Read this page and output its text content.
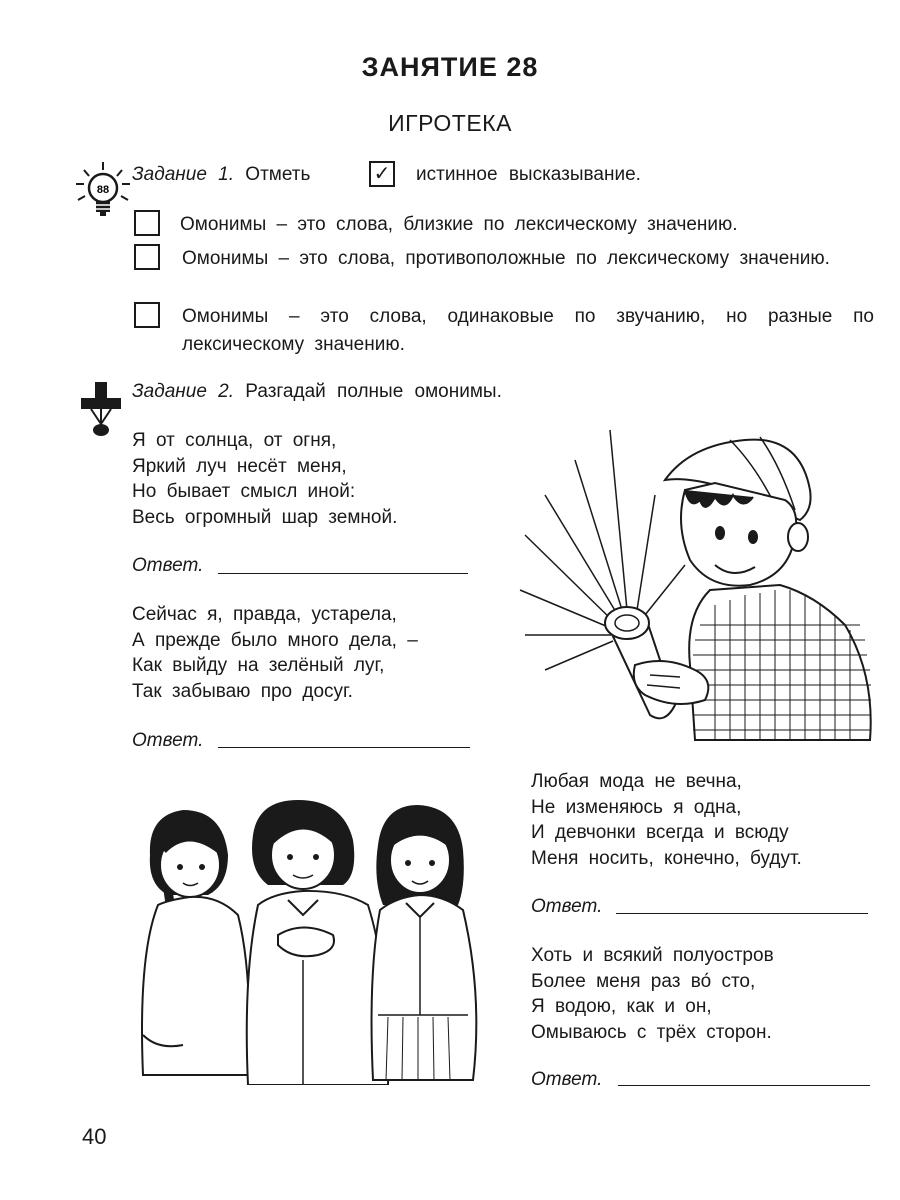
ЗАНЯТИЕ 28
ИГРОТЕКА
88
Задание 1. Отметь	✓ истинное высказывание.
Омонимы – это слова, близкие по лексическому значению.
Омонимы – это слова, противоположные по лексическому значению.
Омонимы – это слова, одинаковые по звучанию, но разные по лексическому значению.
Задание 2. Разгадай полные омонимы.
Я от солнца, от огня,
Яркий луч несёт меня,
Но бывает смысл иной:
Весь огромный шар земной.
Ответ.
Сейчас я, правда, устарела,
А прежде было много дела, –
Как выйду на зелёный луг,
Так забываю про досуг.
Ответ.
Любая мода не вечна,
Не изменяюсь я одна,
И девчонки всегда и всюду
Меня носить, конечно, будут.
Ответ.
Хоть и всякий полуостров
Более меня раз во́ сто,
Я водою, как и он,
Омываюсь с трёх сторон.
Ответ.
40
